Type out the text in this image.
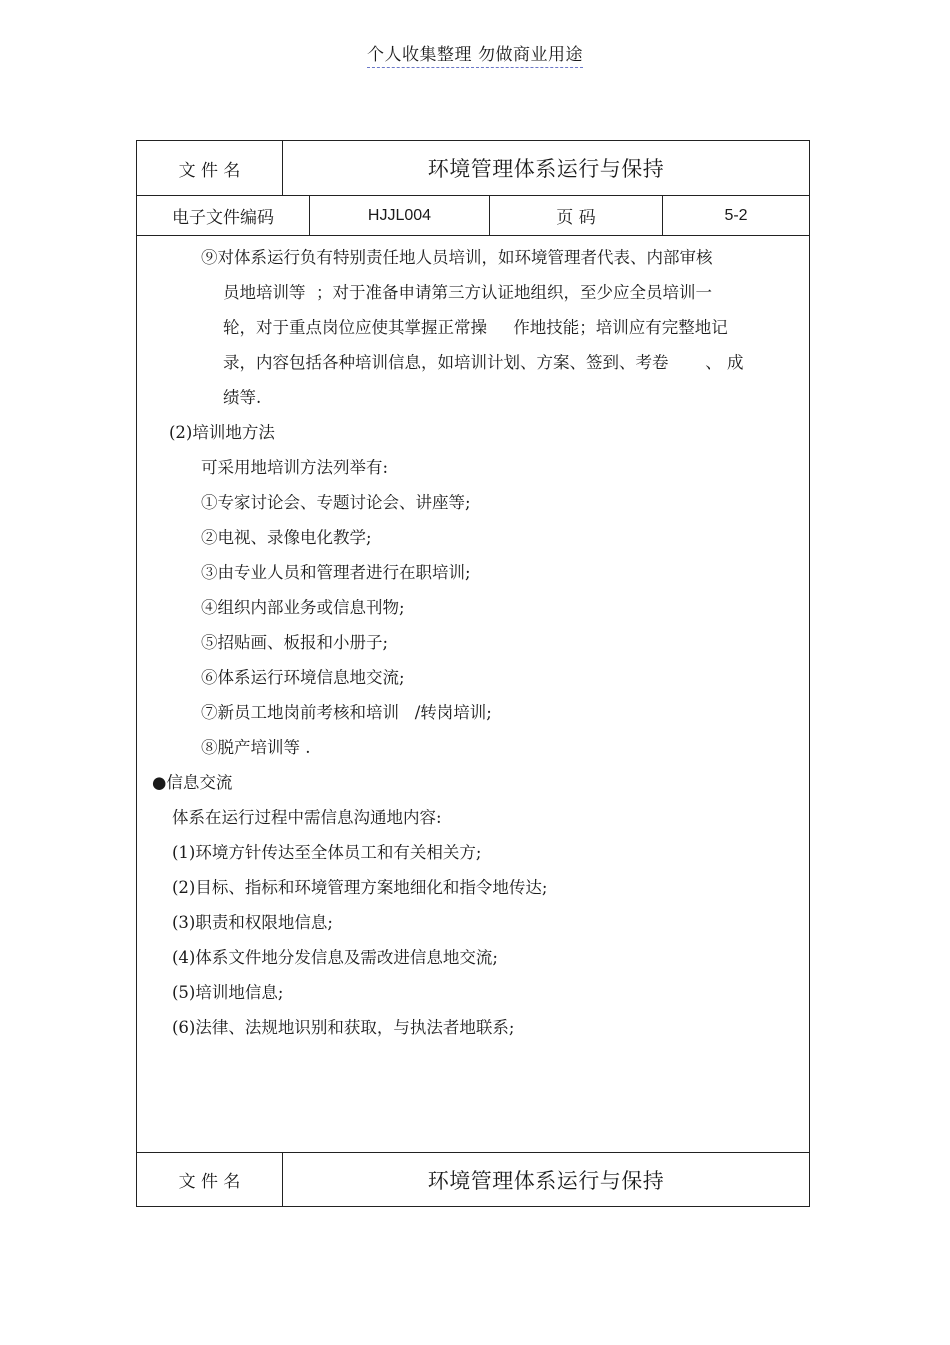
个人收集整理 勿做商业用途
文 件 名	环境管理体系运行与保持
电子文件编码	HJJL004	页 码	5-2
⑨对体系运行负有特别责任地人员培训，如环境管理者代表、内部审核
员地培训等  ；对于准备申请第三方认证地组织，至少应全员培训一
轮，对于重点岗位应使其掌握正常操     作地技能；培训应有完整地记
录，内容包括各种培训信息，如培训计划、方案、签到、考卷       、 成
绩等.
(2)培训地方法
可采用地培训方法列举有:
①专家讨论会、专题讨论会、讲座等;
②电视、录像电化教学;
③由专业人员和管理者进行在职培训;
④组织内部业务或信息刊物;
⑤招贴画、板报和小册子;
⑥体系运行环境信息地交流;
⑦新员工地岗前考核和培训   /转岗培训;
⑧脱产培训等 .
●信息交流
体系在运行过程中需信息沟通地内容:
(1)环境方针传达至全体员工和有关相关方;
(2)目标、指标和环境管理方案地细化和指令地传达;
(3)职责和权限地信息;
(4)体系文件地分发信息及需改进信息地交流;
(5)培训地信息;
(6)法律、法规地识别和获取，与执法者地联系;
文 件 名	环境管理体系运行与保持
